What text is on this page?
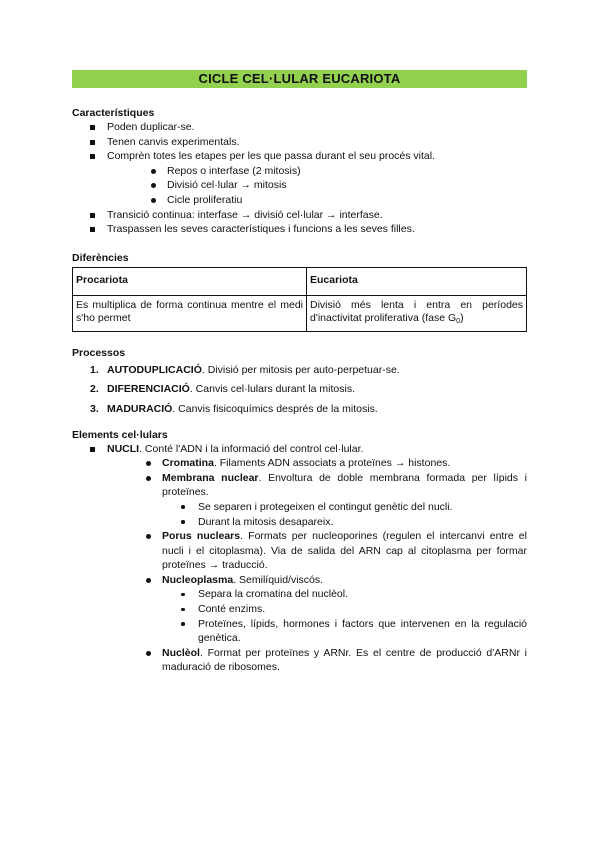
CICLE CEL·LULAR EUCARIOTA

Característiques

Poden duplicar-se.
Tenen canvis experimentals.
Comprèn totes les etapes per les que passa durant el seu procés vital.
Repos o interfase (2 mitosis)
Divisió cel·lular → mitosis
Cicle proliferatiu
Transició continua: interfase → divisió cel·lular → interfase.
Traspassen les seves característiques i funcions a les seves filles.

Diferències

Procariota	Eucariota
Es multiplica de forma continua mentre el medi s'ho permet	Divisió més lenta i entra en períodes d'inactivitat proliferativa (fase $G_0$)

Processos

1. AUTODUPLICACIÓ. Divisió per mitosis per auto-perpetuar-se.
2. DIFERENCIACIÓ. Canvis cel·lulars durant la mitosis.
3. MADURACIÓ. Canvis fisicoquímics després de la mitosis.

Elements cel·lulars

NUCLI. Conté l'ADN i la informació del control cel·lular.
Cromatina. Filaments ADN associats a proteïnes → histones.
Membrana nuclear. Envoltura de doble membrana formada per lípids i proteïnes.
Se separen i protegeixen el contingut genètic del nucli.
Durant la mitosis desapareix.
Porus nuclears. Formats per nucleoporines (regulen el intercanvi entre el nucli i el citoplasma). Via de salida del ARN cap al citoplasma per formar proteïnes → traducció.
Nucleoplasma. Semilíquid/viscós.
Separa la cromatina del nuclèol.
Conté enzims.
Proteïnes, lípids, hormones i factors que intervenen en la regulació genètica.
Nuclèol. Format per proteïnes y ARNr. Es el centre de producció d'ARNr i maduració de ribosomes.
